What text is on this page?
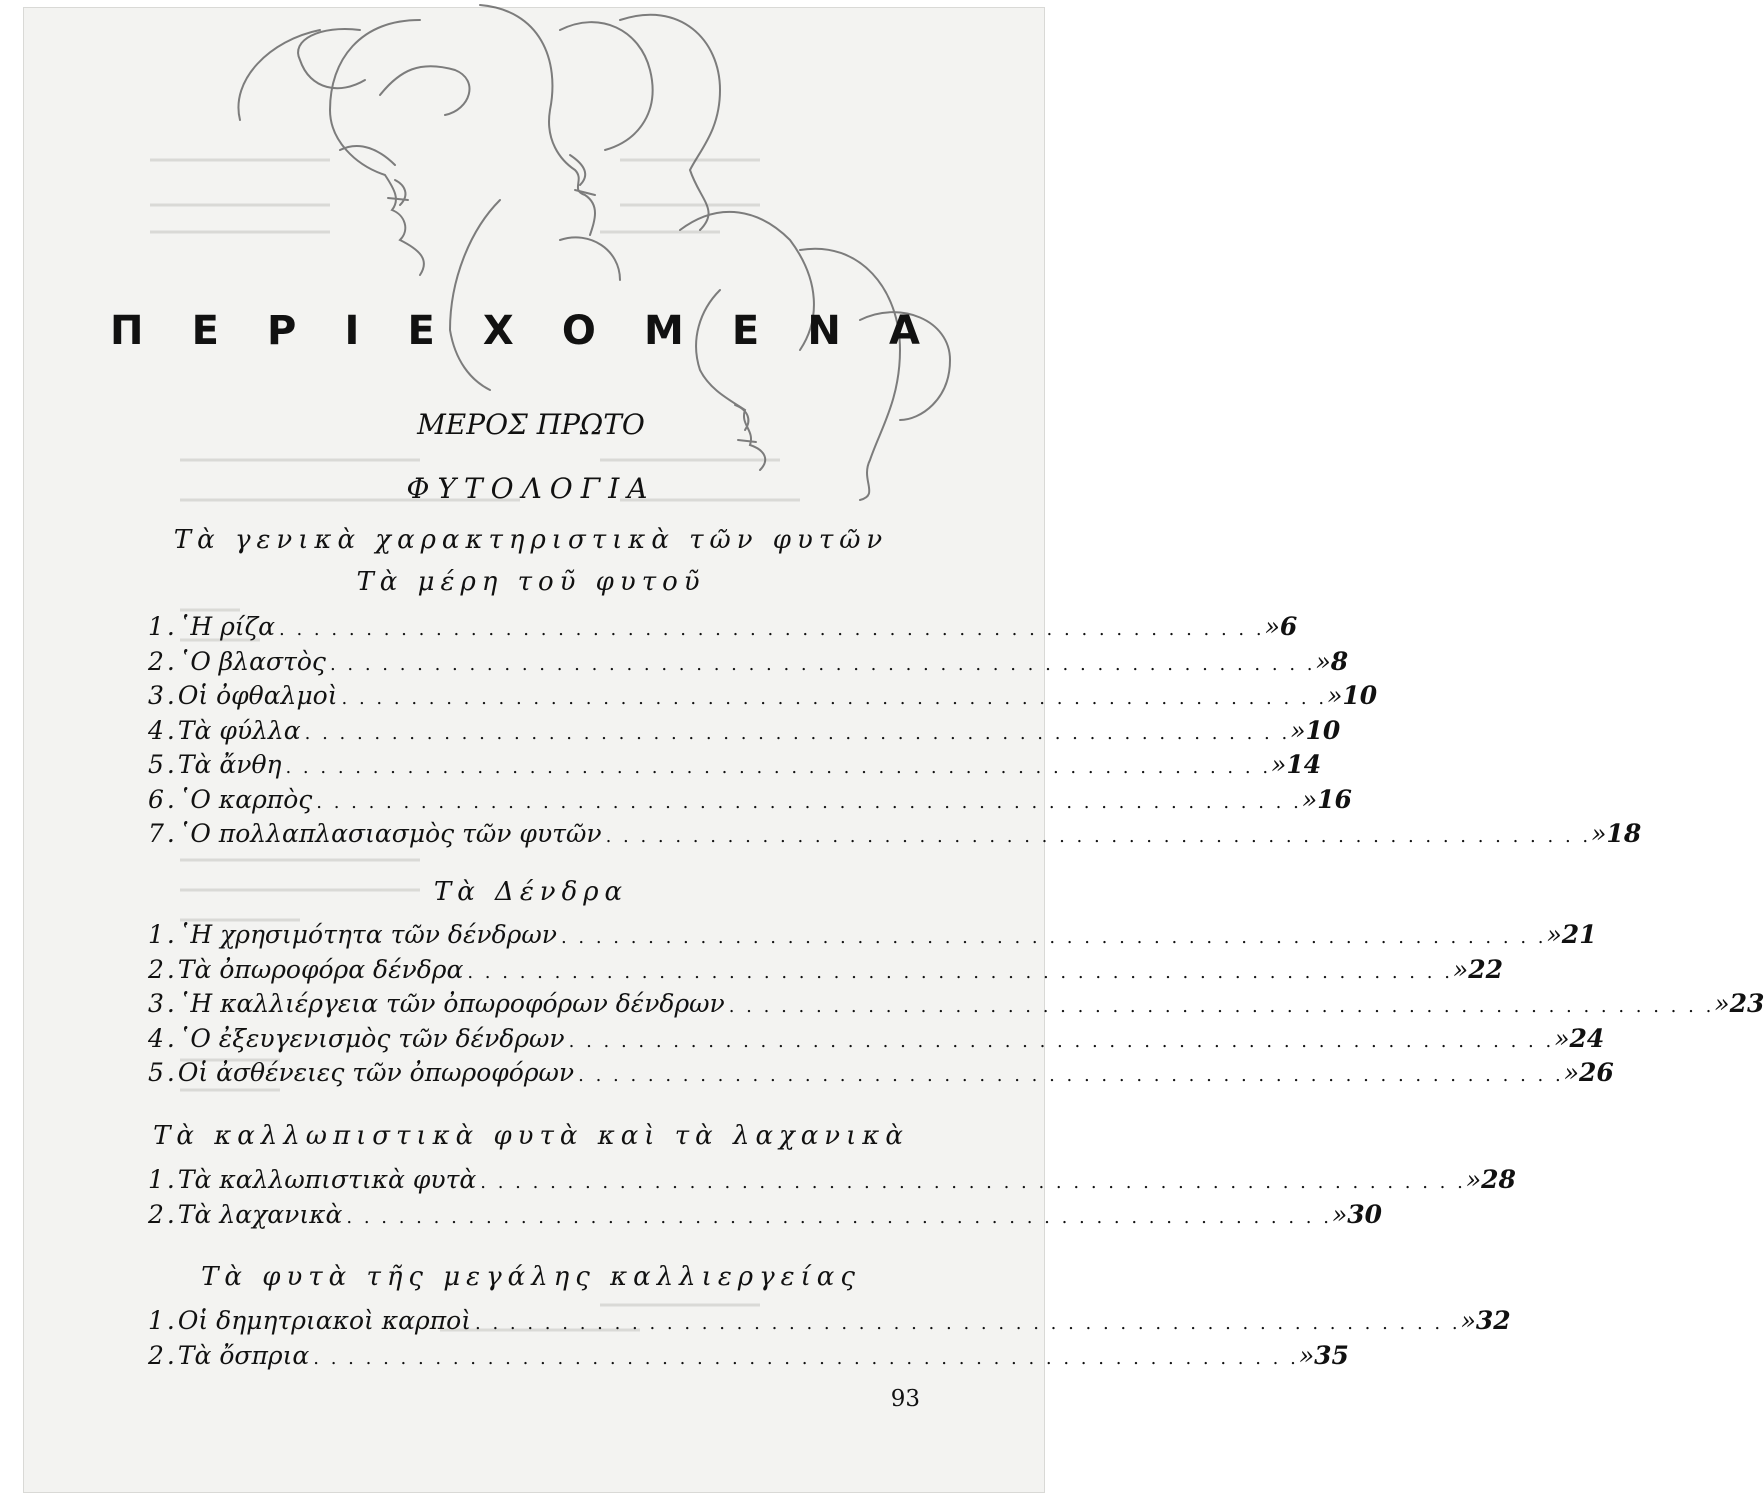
Π Ε Ρ Ι Ε Χ Ο Μ Ε Ν Α
ΜΕΡΟΣ ΠΡΩΤΟ
ΦΥΤΟΛΟΓΙΑ
Τὰ γενικὰ χαρακτηριστικὰ τῶν φυτῶν
Τὰ μέρη τοῦ φυτοῦ
1. ῾Η ρίζα . . . . . . . . . . . . . . . . . . . . . . . . . . . . . . . . . . . . . . . . . . . . . . . . . . . . . . . . . » 6
2. ῾Ο βλαστὸς . . . . . . . . . . . . . . . . . . . . . . . . . . . . . . . . . . . . . . . . . . . . . . . . . . . . . . . . . » 8
3. Οἱ ὀφθαλμοὶ . . . . . . . . . . . . . . . . . . . . . . . . . . . . . . . . . . . . . . . . . . . . . . . . . . . . . . . . . » 10
4. Τὰ φύλλα . . . . . . . . . . . . . . . . . . . . . . . . . . . . . . . . . . . . . . . . . . . . . . . . . . . . . . . . . » 10
5. Τὰ ἄνθη . . . . . . . . . . . . . . . . . . . . . . . . . . . . . . . . . . . . . . . . . . . . . . . . . . . . . . . . . » 14
6. ῾Ο καρπὸς . . . . . . . . . . . . . . . . . . . . . . . . . . . . . . . . . . . . . . . . . . . . . . . . . . . . . . . . . » 16
7. ῾Ο πολλαπλασιασμὸς τῶν φυτῶν . . . . . . . . . . . . . . . . . . . . . . . . . . . . . . . . . . . . . . . . . . . . . . . . . . . . . . . . . » 18
Τὰ Δένδρα
1. ῾Η χρησιμότητα τῶν δένδρων . . . . . . . . . . . . . . . . . . . . . . . . . . . . . . . . . . . . . . . . . . . . . . . . . . . . . . . . . » 21
2. Τὰ ὀπωροφόρα δένδρα . . . . . . . . . . . . . . . . . . . . . . . . . . . . . . . . . . . . . . . . . . . . . . . . . . . . . . . . . » 22
3. ῾Η καλλιέργεια τῶν ὀπωροφόρων δένδρων . . . . . . . . . . . . . . . . . . . . . . . . . . . . . . . . . . . . . . . . . . . . . . . . . . . . . . . . . » 23
4. ῾Ο ἐξευγενισμὸς τῶν δένδρων . . . . . . . . . . . . . . . . . . . . . . . . . . . . . . . . . . . . . . . . . . . . . . . . . . . . . . . . . » 24
5. Οἱ ἀσθένειες τῶν ὀπωροφόρων . . . . . . . . . . . . . . . . . . . . . . . . . . . . . . . . . . . . . . . . . . . . . . . . . . . . . . . . . » 26
Τὰ καλλωπιστικὰ φυτὰ καὶ τὰ λαχανικὰ
1. Τὰ καλλωπιστικὰ φυτὰ . . . . . . . . . . . . . . . . . . . . . . . . . . . . . . . . . . . . . . . . . . . . . . . . . . . . . . . . . » 28
2. Τὰ λαχανικὰ . . . . . . . . . . . . . . . . . . . . . . . . . . . . . . . . . . . . . . . . . . . . . . . . . . . . . . . . . » 30
Τὰ φυτὰ τῆς μεγάλης καλλιεργείας
1. Οἱ δημητριακοὶ καρποὶ . . . . . . . . . . . . . . . . . . . . . . . . . . . . . . . . . . . . . . . . . . . . . . . . . . . . . . . . . » 32
2. Τὰ ὄσπρια . . . . . . . . . . . . . . . . . . . . . . . . . . . . . . . . . . . . . . . . . . . . . . . . . . . . . . . . . » 35
93
